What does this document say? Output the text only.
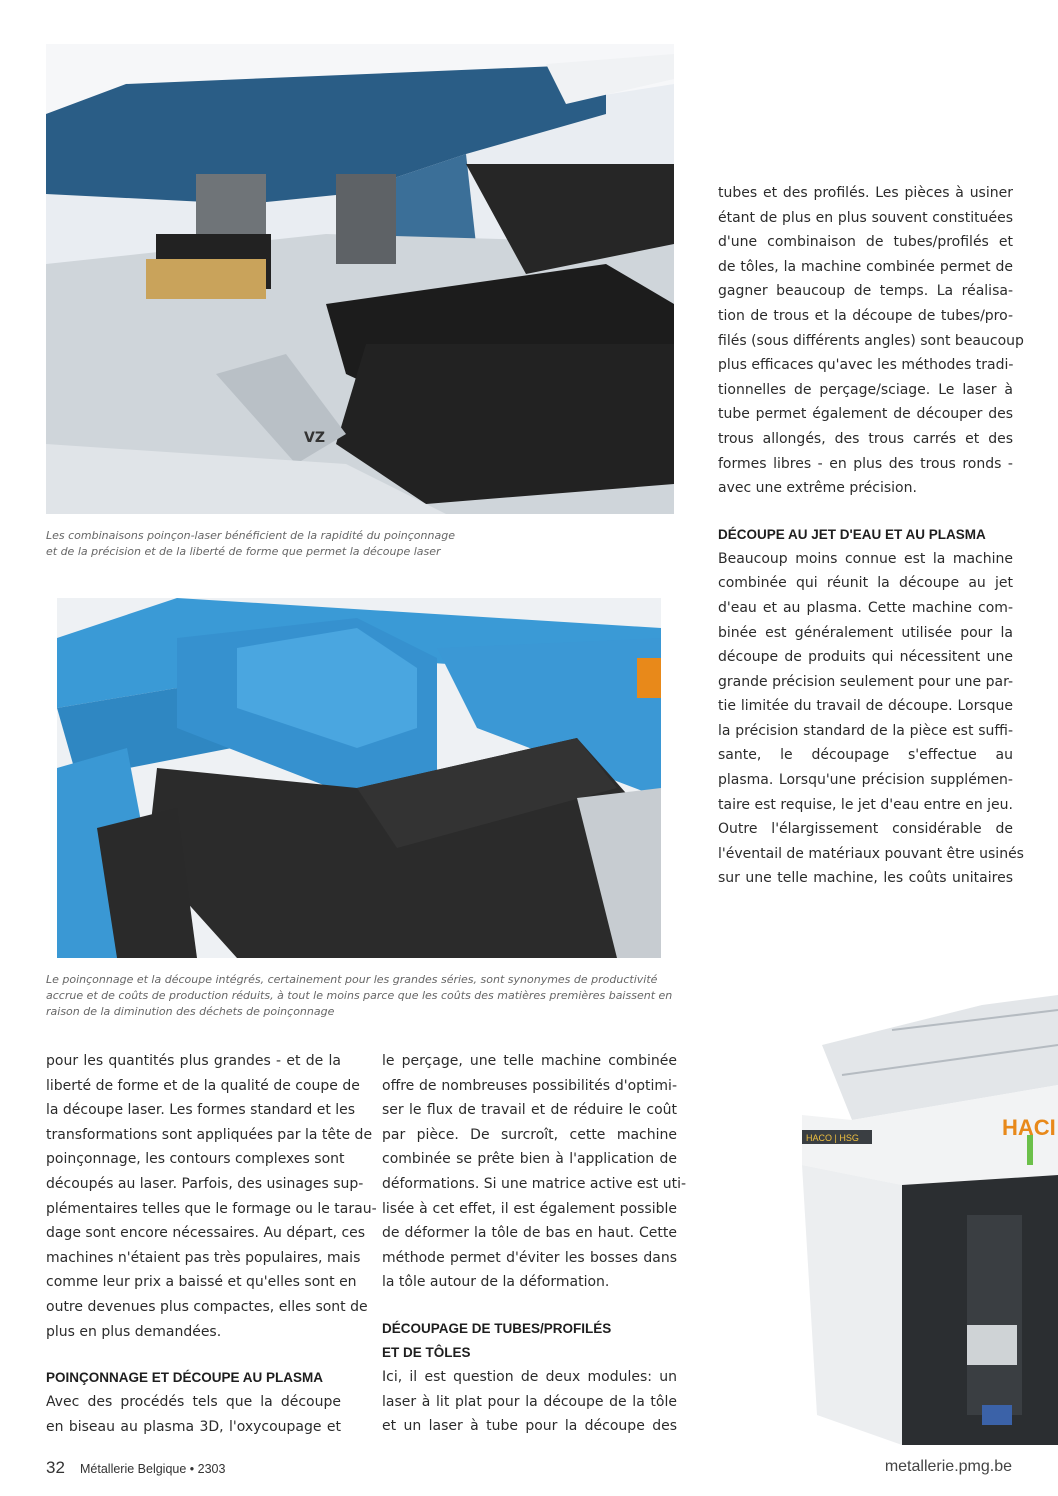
VZ
Les combinaisons poinçon-laser bénéficient de la rapidité du poinçonnage
et de la précision et de la liberté de forme que permet la découpe laser
Le poinçonnage et la découpe intégrés, certainement pour les grandes séries, sont synonymes de productivité
accrue et de coûts de production réduits, à tout le moins parce que les coûts des matières premières baissent en
raison de la diminution des déchets de poinçonnage
tubes et des profilés. Les pièces à usiner
étant de plus en plus souvent constituées
d'une combinaison de tubes/profilés et
de tôles, la machine combinée permet de
gagner beaucoup de temps. La réalisa-
tion de trous et la découpe de tubes/pro-
filés (sous différents angles) sont beaucoup
plus efficaces qu'avec les méthodes tradi-
tionnelles de perçage/sciage. Le laser à
tube permet également de découper des
trous allongés, des trous carrés et des
formes libres - en plus des trous ronds -
avec une extrême précision.
DÉCOUPE AU JET D'EAU ET AU PLASMA
Beaucoup moins connue est la machine
combinée qui réunit la découpe au jet
d'eau et au plasma. Cette machine com-
binée est généralement utilisée pour la
découpe de produits qui nécessitent une
grande précision seulement pour une par-
tie limitée du travail de découpe. Lorsque
la précision standard de la pièce est suffi-
sante, le découpage s'effectue au
plasma. Lorsqu'une précision supplémen-
taire est requise, le jet d'eau entre en jeu.
Outre l'élargissement considérable de
l'éventail de matériaux pouvant être usinés
sur une telle machine, les coûts unitaires
pour les quantités plus grandes - et de la
liberté de forme et de la qualité de coupe de
la découpe laser. Les formes standard et les
transformations sont appliquées par la tête de
poinçonnage, les contours complexes sont
découpés au laser. Parfois, des usinages sup-
plémentaires telles que le formage ou le tarau-
dage sont encore nécessaires. Au départ, ces
machines n'étaient pas très populaires, mais
comme leur prix a baissé et qu'elles sont en
outre devenues plus compactes, elles sont de
plus en plus demandées.
POINÇONNAGE ET DÉCOUPE AU PLASMA
Avec des procédés tels que la découpe
en biseau au plasma 3D, l'oxycoupage et
le perçage, une telle machine combinée
offre de nombreuses possibilités d'optimi-
ser le flux de travail et de réduire le coût
par pièce. De surcroît, cette machine
combinée se prête bien à l'application de
déformations. Si une matrice active est uti-
lisée à cet effet, il est également possible
de déformer la tôle de bas en haut. Cette
méthode permet d'éviter les bosses dans
la tôle autour de la déformation.
DÉCOUPAGE DE TUBES/PROFILÉS
ET DE TÔLES
Ici, il est question de deux modules: un
laser à lit plat pour la découpe de la tôle
et un laser à tube pour la découpe des
HACI
HACO | HSG
32 Métallerie Belgique • 2303	metallerie.pmg.be
